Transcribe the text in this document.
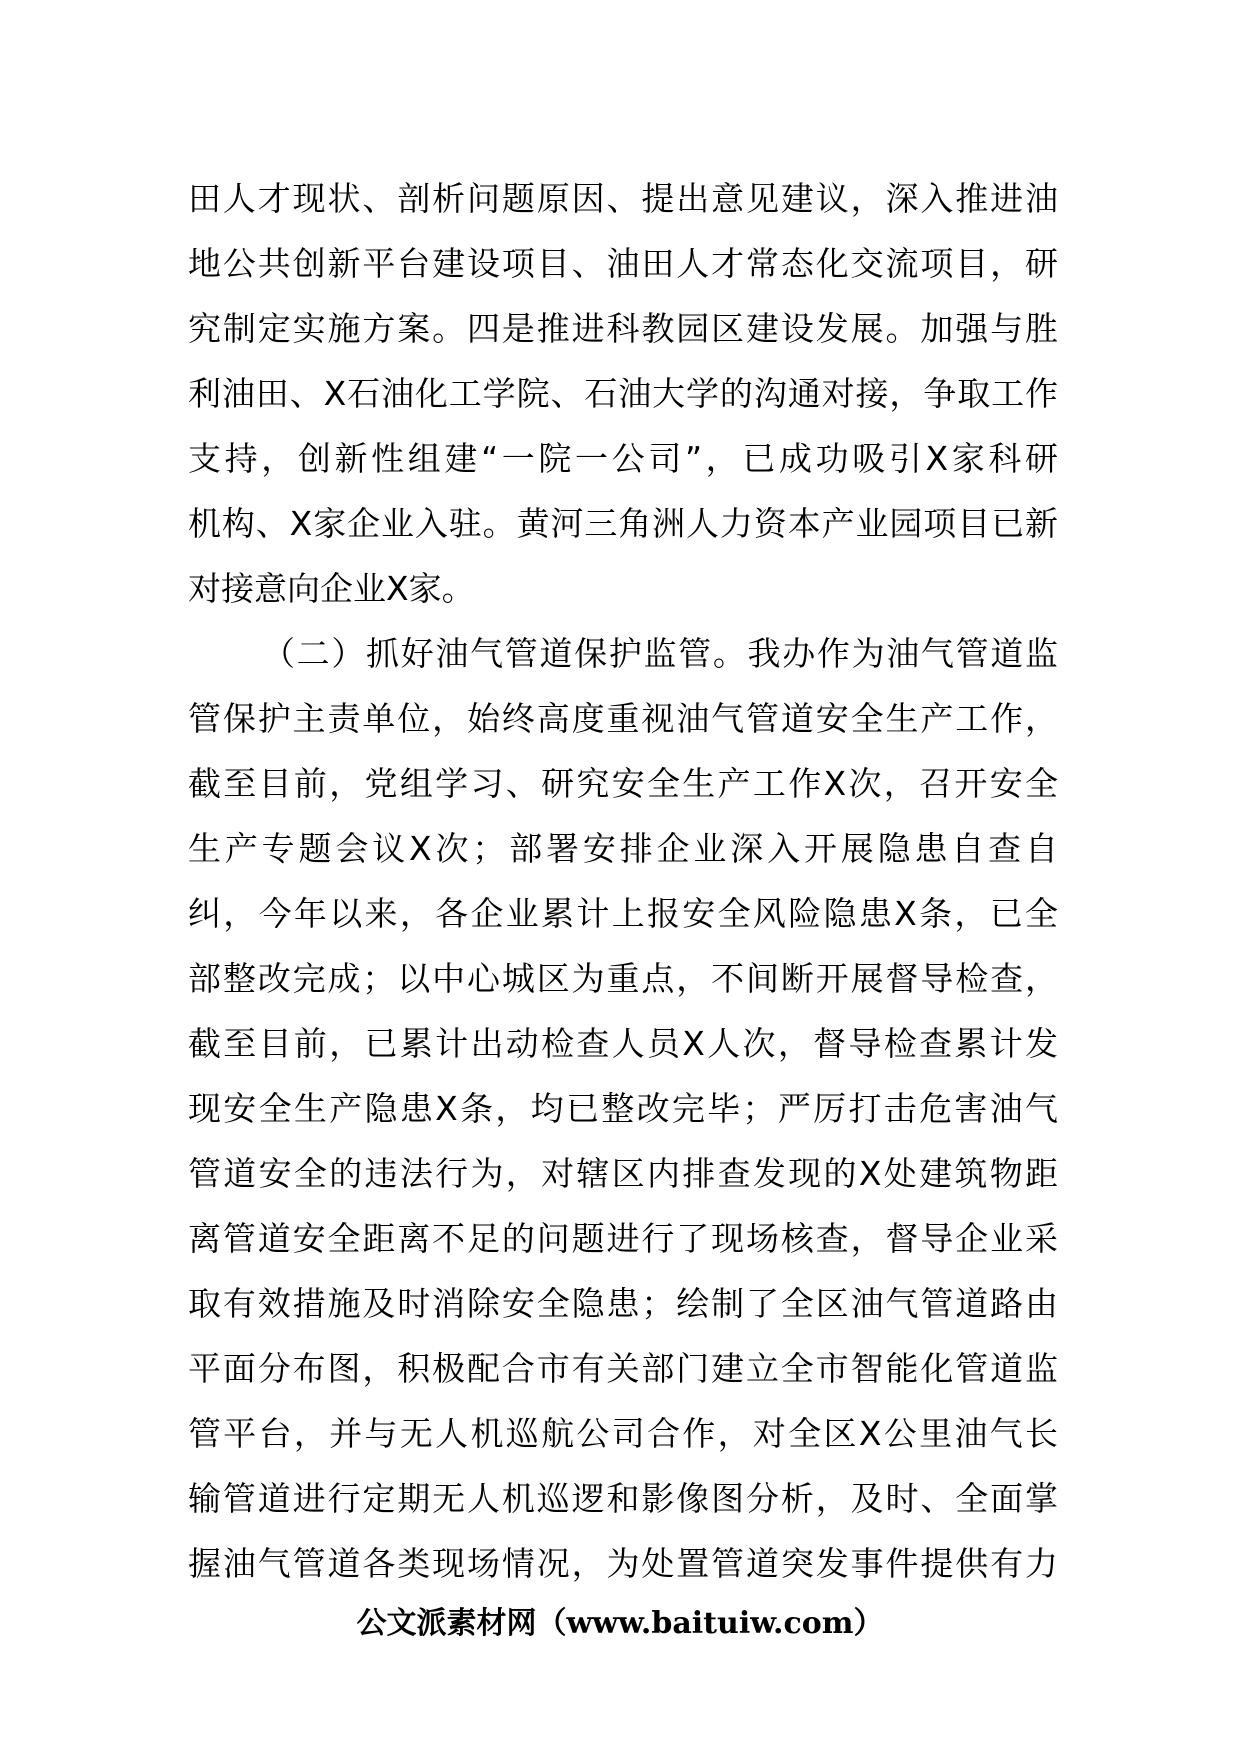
田人才现状、剖析问题原因、提出意见建议，深入推进油
地公共创新平台建设项目、油田人才常态化交流项目，研
究制定实施方案。四是推进科教园区建设发展。加强与胜
利油田、X石油化工学院、石油大学的沟通对接，争取工作
支持，创新性组建“一院一公司”，已成功吸引X家科研
机构、X家企业入驻。黄河三角洲人力资本产业园项目已新
对接意向企业X家。
（二）抓好油气管道保护监管。我办作为油气管道监
管保护主责单位，始终高度重视油气管道安全生产工作，
截至目前，党组学习、研究安全生产工作X次，召开安全
生产专题会议X次；部署安排企业深入开展隐患自查自
纠，今年以来，各企业累计上报安全风险隐患X条，已全
部整改完成；以中心城区为重点，不间断开展督导检查，
截至目前，已累计出动检查人员X人次，督导检查累计发
现安全生产隐患X条，均已整改完毕；严厉打击危害油气
管道安全的违法行为，对辖区内排查发现的X处建筑物距
离管道安全距离不足的问题进行了现场核查，督导企业采
取有效措施及时消除安全隐患；绘制了全区油气管道路由
平面分布图，积极配合市有关部门建立全市智能化管道监
管平台，并与无人机巡航公司合作，对全区X公里油气长
输管道进行定期无人机巡逻和影像图分析，及时、全面掌
握油气管道各类现场情况，为处置管道突发事件提供有力
公文派素材网（www.baituiw.com）
